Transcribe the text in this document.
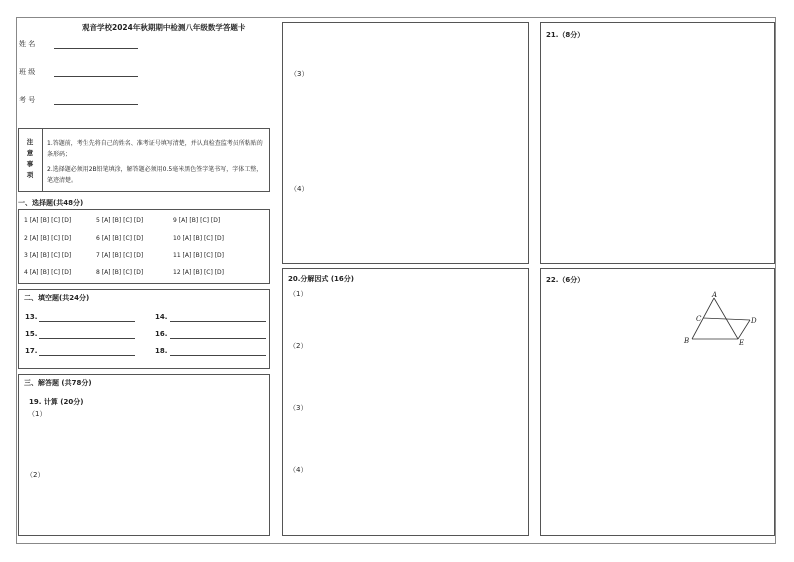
观音学校2024年秋期期中检测八年级数学答题卡
姓 名
班 级
考 号
注意事项
1.答题前，考生先将自己的姓名、准考证号填写清楚，并认真检查监考员所粘贴的条形码；
2.选择题必须用2B铅笔填涂，解答题必须用0.5毫米黑色签字笔书写，字体工整，笔迹清楚。
一、选择题(共48分)
1 [A] [B] [C] [D]	5 [A] [B] [C] [D]	9 [A] [B] [C] [D]
2 [A] [B] [C] [D]	6 [A] [B] [C] [D]	10 [A] [B] [C] [D]
3 [A] [B] [C] [D]	7 [A] [B] [C] [D]	11 [A] [B] [C] [D]
4 [A] [B] [C] [D]	8 [A] [B] [C] [D]	12 [A] [B] [C] [D]
二、填空题(共24分)
13.	14.
15.	16.
17.	18.
三、解答题 (共78分)
19. 计算 (20分)
（1）
（2）
（3）
（4）
20.分解因式 (16分)
（1）
（2）
（3）
（4）
21.（8分）
22.（6分）
A
B
C	D
E
